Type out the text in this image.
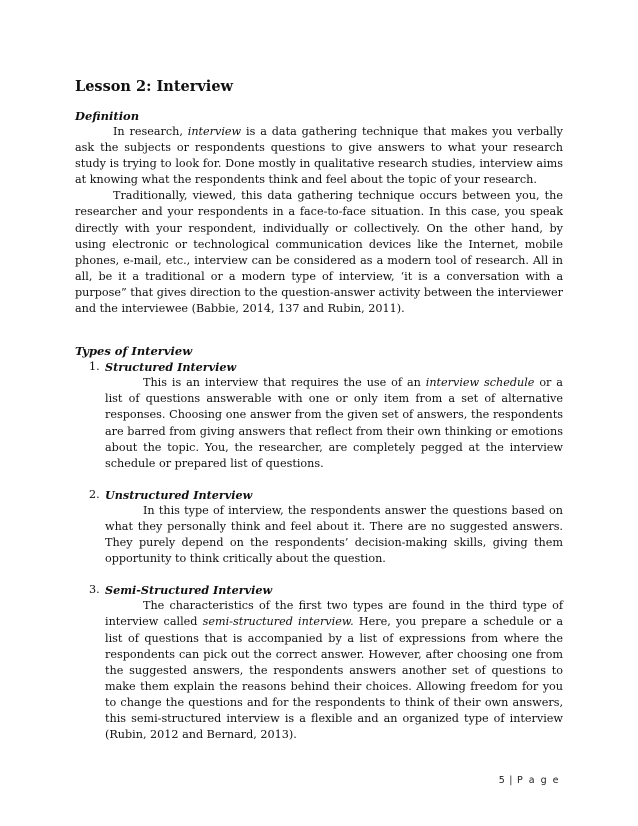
Lesson 2: Interview
Definition

In research, interview is a data gathering technique that makes you verbally ask the subjects or respondents questions to give answers to what your research study is trying to look for. Done mostly in qualitative research studies, interview aims at knowing what the respondents think and feel about the topic of your research.

Traditionally, viewed, this data gathering technique occurs between you, the researcher and your respondents in a face-to-face situation. In this case, you speak directly with your respondent, individually or collectively. On the other hand, by using electronic or technological communication devices like the Internet, mobile phones, e-mail, etc., interview can be considered as a modern tool of research. All in all, be it a traditional or a modern type of interview, ‘it is a conversation with a purpose” that gives direction to the question-answer activity between the interviewer and the interviewee (Babbie, 2014, 137 and Rubin, 2011).

Types of Interview
1. Structured Interview

This is an interview that requires the use of an interview schedule or a list of questions answerable with one or only item from a set of alternative responses. Choosing one answer from the given set of answers, the respondents are barred from giving answers that reflect from their own thinking or emotions about the topic. You, the researcher, are completely pegged at the interview schedule or prepared list of questions.

2. Unstructured Interview

In this type of interview, the respondents answer the questions based on what they personally think and feel about it. There are no suggested answers. They purely depend on the respondents’ decision-making skills, giving them opportunity to think critically about the question.

3. Semi-Structured Interview

The characteristics of the first two types are found in the third type of interview called semi-structured interview. Here, you prepare a schedule or a list of questions that is accompanied by a list of expressions from where the respondents can pick out the correct answer. However, after choosing one from the suggested answers, the respondents answers another set of questions to make them explain the reasons behind their choices. Allowing freedom for you to change the questions and for the respondents to think of their own answers, this semi-structured interview is a flexible and an organized type of interview (Rubin, 2012 and Bernard, 2013).

5 | P a g e
